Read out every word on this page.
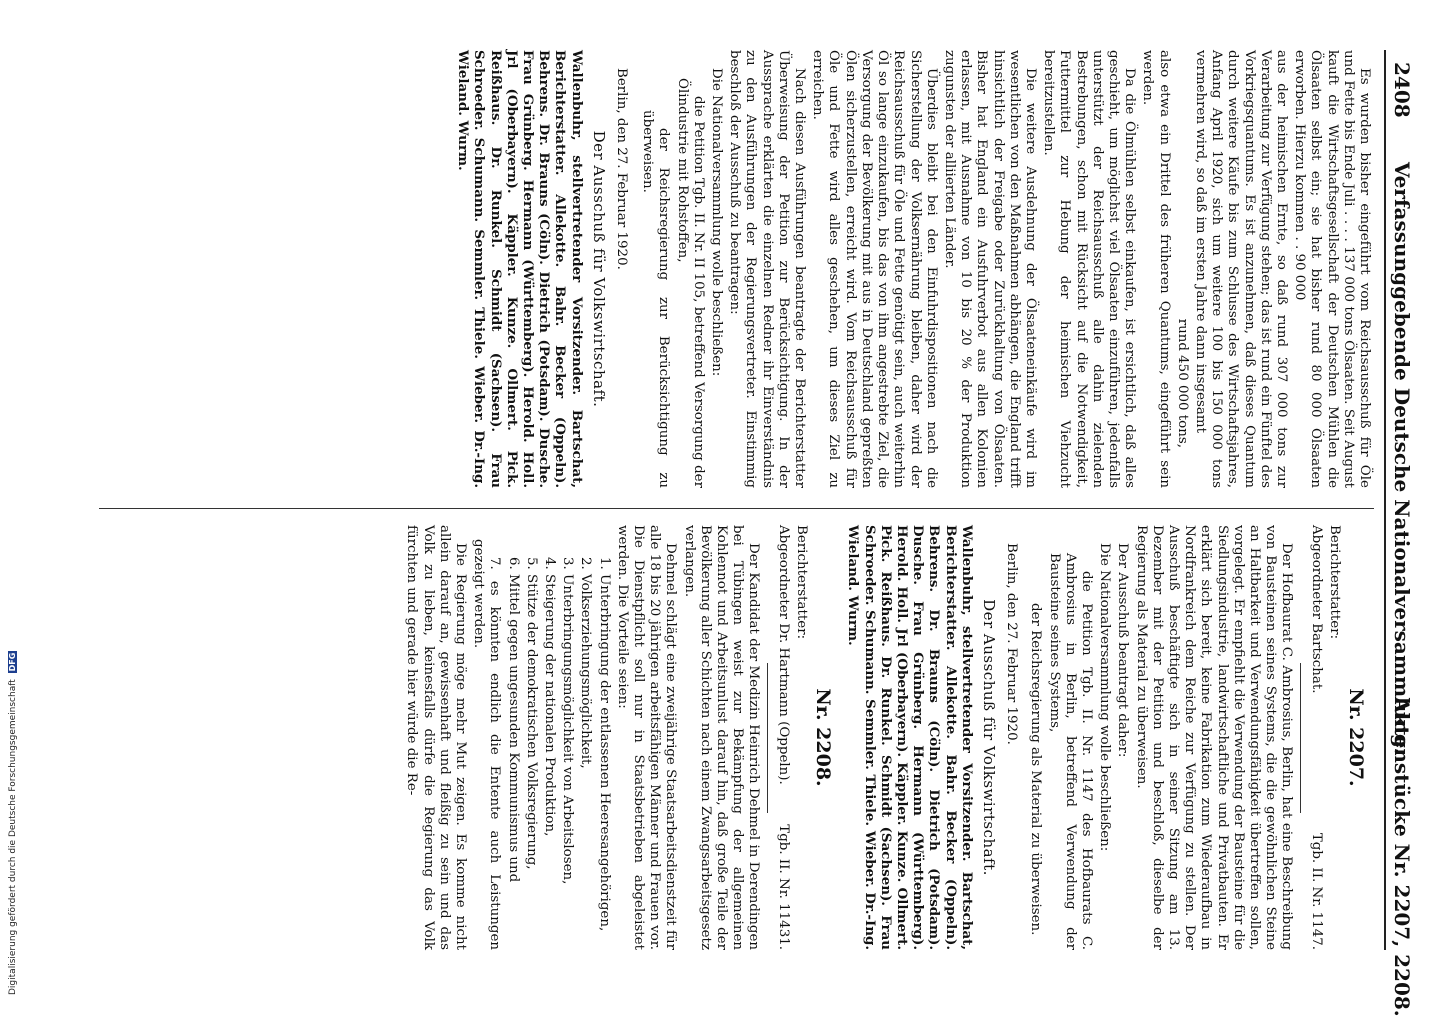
2408
Verfassunggebende Deutsche Nationalversammlung.
Aktenstücke Nr. 2207, 2208.

Es wurden bisher eingeführt vom Reichsausschuß für Öle und Fette bis Ende Juli . . . . 137 000 tons Ölsaaten. Seit August kauft die Wirtschaftsgesellschaft der Deutschen Mühlen die Ölsaaten selbst ein; sie hat bisher rund 80 000 Ölsaaten erworben. Hierzu kommen . . 90 000

aus der heimischen Ernte, so daß rund 307 000 tons zur Verarbeitung zur Verfügung stehen; das ist rund ein Fünftel des Vorkriegsquantums. Es ist anzunehmen, daß dieses Quantum durch weitere Käufe bis zum Schlusse des Wirtschaftsjahres, Anfang April 1920, sich um weitere 100 bis 150 000 tons vermehren wird, so daß im ersten Jahre dann insgesamt

rund 450 000 tons,

also etwa ein Drittel des früheren Quantums, eingeführt sein werden.

Da die Ölmühlen selbst einkaufen, ist ersichtlich, daß alles geschieht, um möglichst viel Ölsaaten einzuführen, jedenfalls unterstützt der Reichsausschuß alle dahin zielenden Bestrebungen, schon mit Rücksicht auf die Notwendigkeit, Futtermittel zur Hebung der heimischen Viehzucht bereitzustellen.

Die weitere Ausdehnung der Ölsaateneinkäufe wird im wesentlichen von den Maßnahmen abhängen, die England trifft hinsichtlich der Freigabe oder Zurückhaltung von Ölsaaten. Bisher hat England ein Ausfuhrverbot aus allen Kolonien erlassen, mit Ausnahme von 10 bis 20 % der Produktion zugunsten der alliierten Länder.

Überdies bleibt bei den Einfuhrdispositionen nach die Sicherstellung der Volksernährung bleiben, daher wird der Reichsausschuß für Öle und Fette genötigt sein, auch weiterhin Öl so lange einzukaufen, bis das von ihm angestrebte Ziel, die Versorgung der Bevölkerung mit aus in Deutschland gepreßten Ölen sicherzustellen, erreicht wird. Vom Reichsausschuß für Öle und Fette wird alles geschehen, um dieses Ziel zu erreichen.

Nach diesen Ausführungen beantragte der Berichterstatter Überweisung der Petition zur Berücksichtigung. In der Aussprache erklärten die einzelnen Redner ihr Einverständnis zu den Ausführungen der Regierungsvertreter. Einstimmig beschloß der Ausschuß zu beantragen:

Die Nationalversammlung wolle beschließen:

die Petition Tgb. II. Nr. II 105, betreffend Versorgung der Ölindustrie mit Rohstoffen,

der Reichsregierung zur Berücksichtigung zu überweisen.

Berlin, den 27. Februar 1920.

Der Ausschuß für Volkswirtschaft.

Wallenbuhr, stellvertretender Vorsitzender. Bartschat, Berichterstatter. Allekotte. Bahr. Becker (Oppeln). Behrens. Dr. Brauns (Cöln). Dietrich (Potsdam). Dusche. Frau Grünberg. Hermann (Württemberg). Herold. Holl. Jrl (Oberbayern). Käppler. Kunze. Ollmert. Pick. Reißhaus. Dr. Runkel. Schmidt (Sachsen). Frau Schroeder. Schumann. Semmler. Thiele. Wieber. Dr.-Ing. Wieland. Wurm.

Nr. 2207.

Berichterstatter:

Abgeordneter Bartschat.
Tgb. II. Nr. 1147.

Der Hofbaurat C. Ambrosius, Berlin, hat eine Beschreibung von Bausteinen seines Systems, die die gewöhnlichen Steine an Haltbarkeit und Verwendungsfähigkeit übertreffen sollen, vorgelegt. Er empfiehlt die Verwendung der Bausteine für die Siedlungsindustrie, landwirtschaftliche und Privatbauten. Er erklärt sich bereit, keine Fabrikation zum Wiederaufbau in Nordfrankreich dem Reiche zur Verfügung zu stellen. Der Ausschuß beschäftigte sich in seiner Sitzung am 13. Dezember mit der Petition und beschloß, dieselbe der Regierung als Material zu überweisen.

Der Ausschuß beantragt daher:

Die Nationalversammlung wolle beschließen:

die Petition Tgb. II. Nr. 1147 des Hofbaurats C. Ambrosius in Berlin, betreffend Verwendung der Bausteine seines Systems,

der Reichsregierung als Material zu überweisen.

Berlin, den 27. Februar 1920.

Der Ausschuß für Volkswirtschaft.

Wallenbuhr, stellvertretender Vorsitzender. Bartschat, Berichterstatter. Allekotte. Bahr. Becker (Oppeln). Behrens. Dr. Brauns (Cöln). Dietrich (Potsdam). Dusche. Frau Grünberg. Hermann (Württemberg). Herold. Holl. Jrl (Oberbayern). Käppler. Kunze. Ollmert. Pick. Reißhaus. Dr. Runkel. Schmidt (Sachsen). Frau Schroeder. Schumann. Semmler. Thiele. Wieber. Dr.-Ing. Wieland. Wurm.

Nr. 2208.

Berichterstatter:

Abgeordneter Dr. Hartmann (Oppeln).
Tgb. II. Nr. 11431.

Der Kandidat der Medizin Heinrich Dehmel in Derendingen bei Tübingen weist zur Bekämpfung der allgemeinen Kohlennot und Arbeitsunlust darauf hin, daß große Teile der Bevölkerung aller Schichten nach einem Zwangsarbeitsgesetz verlangen.

Dehmel schlägt eine zweijährige Staatsarbeitsdienstzeit für alle 18 bis 20 jährigen arbeitsfähigen Männer und Frauen vor. Die Dienstpflicht soll nur in Staatsbetrieben abgeleistet werden. Die Vorteile seien:

1. Unterbringung der entlassenen Heeresangehörigen,

2. Volkserziehungsmöglichkeit,

3. Unterbringungsmöglichkeit von Arbeitslosen,

4. Steigerung der nationalen Produktion,

5. Stütze der demokratischen Volksregierung,

6. Mittel gegen ungesunden Kommunismus und

7. es könnten endlich die Entente auch Leistungen gezeigt werden.

Die Regierung möge mehr Mut zeigen. Es komme nicht allein darauf an, gewissenhaft und fleißig zu sein und das Volk zu lieben, keinesfalls dürfe die Regierung das Volk fürchten und gerade hier würde die Re-

Digitalisierung gefördert durch die Deutsche Forschungsgemeinschaft DFG
